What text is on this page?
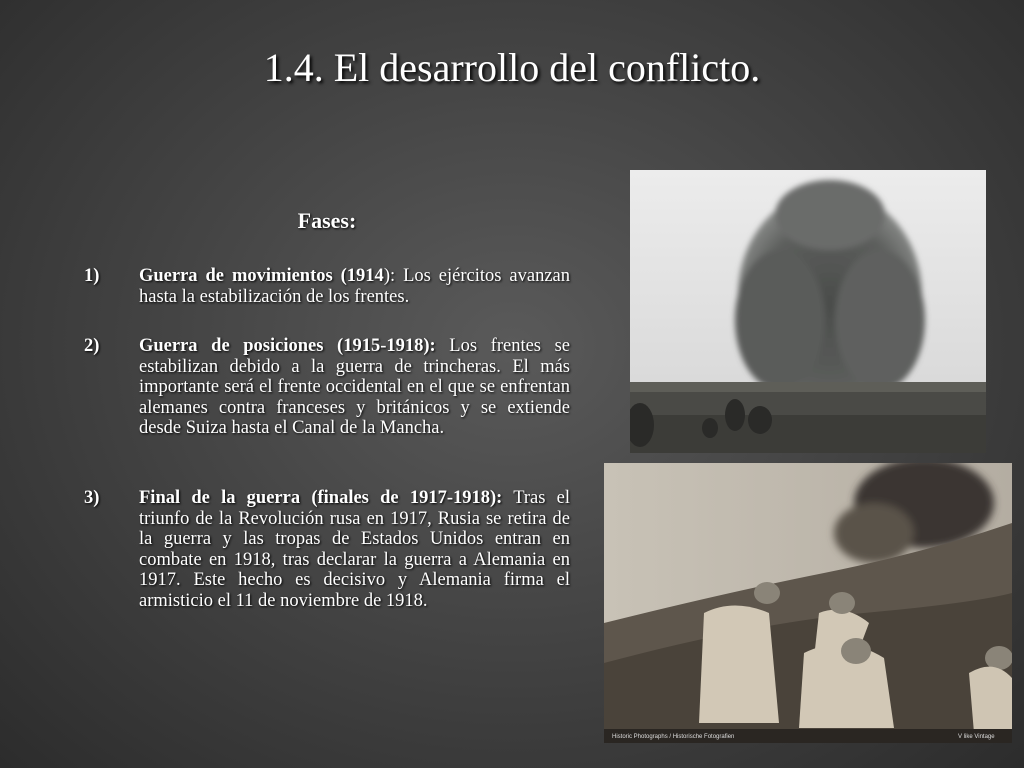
1.4. El desarrollo del conflicto.
Fases:
1) Guerra de movimientos (1914): Los ejércitos avanzan hasta la estabilización de los frentes.
2) Guerra de posiciones (1915-1918): Los frentes se estabilizan debido a la guerra de trincheras. El más importante será el frente occidental en el que se enfrentan alemanes contra franceses y británicos y se extiende desde Suiza hasta el Canal de la Mancha.
3) Final de la guerra (finales de 1917-1918): Tras el triunfo de la Revolución rusa en 1917, Rusia se retira de la guerra y las tropas de Estados Unidos entran en combate en 1918, tras declarar la guerra a Alemania en 1917. Este hecho es decisivo y Alemania firma el armisticio el 11 de noviembre de 1918.
Historic Photographs / Historische Fotografien	V like Vintage
